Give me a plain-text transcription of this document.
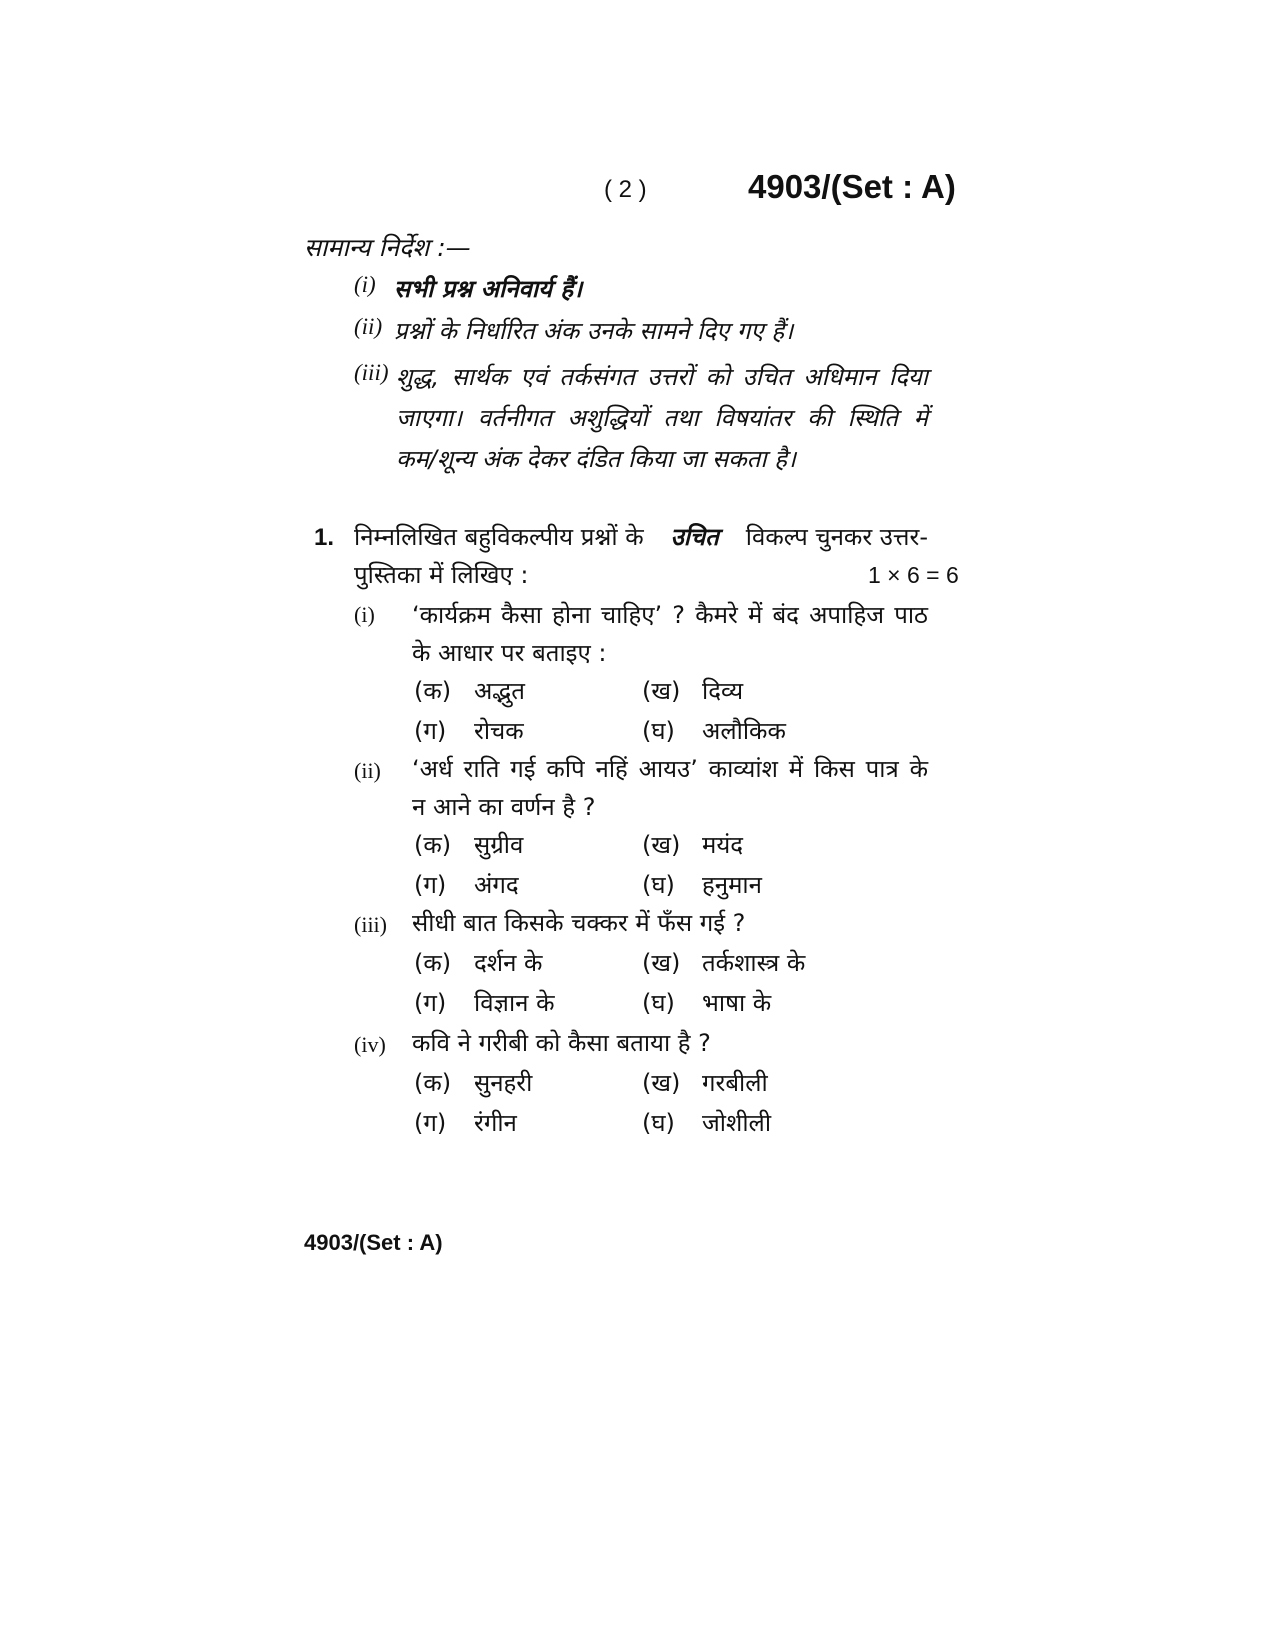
( 2 )	4903/(Set : A)
सामान्य निर्देश :—
(i) सभी प्रश्न अनिवार्य हैं।
(ii) प्रश्नों के निर्धारित अंक उनके सामने दिए गए हैं।
(iii) शुद्ध, सार्थक एवं तर्कसंगत उत्तरों को उचित अधिमान दिया
जाएगा। वर्तनीगत अशुद्धियों तथा विषयांतर की स्थिति में
कम/शून्य अंक देकर दंडित किया जा सकता है।
1. निम्नलिखित बहुविकल्पीय प्रश्नों के उचित विकल्प चुनकर उत्तर-
पुस्तिका में लिखिए :	1 × 6 = 6
(i) ‘कार्यक्रम कैसा होना चाहिए’ ? कैमरे में बंद अपाहिज पाठ
के आधार पर बताइए :
(क) अद्भुत	(ख) दिव्य
(ग) रोचक	(घ) अलौकिक
(ii) ‘अर्ध राति गई कपि नहिं आयउ’ काव्यांश में किस पात्र के
न आने का वर्णन है ?
(क) सुग्रीव	(ख) मयंद
(ग) अंगद	(घ) हनुमान
(iii) सीधी बात किसके चक्कर में फँस गई ?
(क) दर्शन के	(ख) तर्कशास्त्र के
(ग) विज्ञान के	(घ) भाषा के
(iv) कवि ने गरीबी को कैसा बताया है ?
(क) सुनहरी	(ख) गरबीली
(ग) रंगीन	(घ) जोशीली
4903/(Set : A)
